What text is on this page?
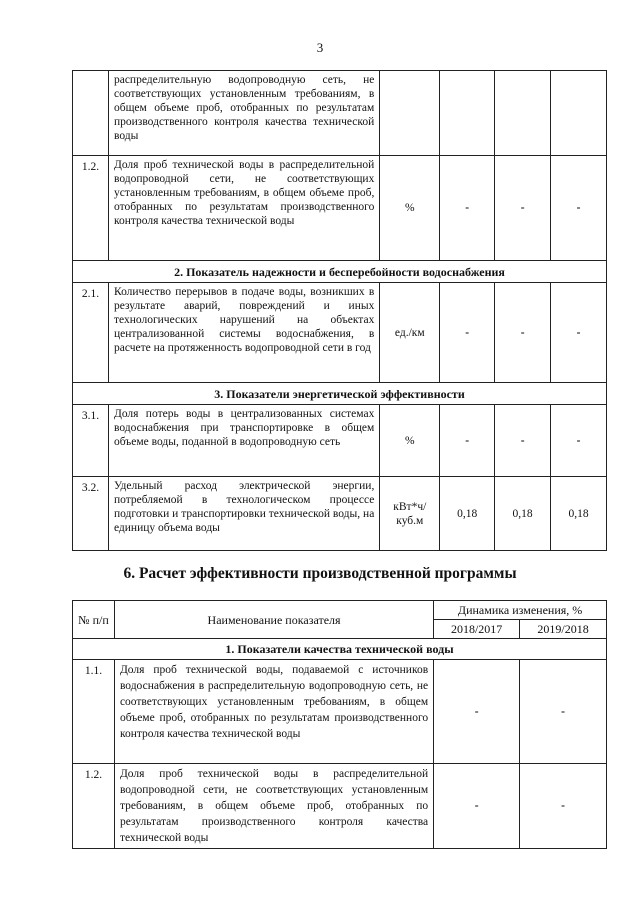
3
	распределительную водопроводную сеть, не соответствующих установленным требованиям, в общем объеме проб, отобранных по результатам производственного контроля качества технической воды				
1.2.	Доля проб технической воды в распределительной водопроводной сети, не соответствующих установленным требованиям, в общем объеме проб, отобранных по результатам производственного контроля качества технической воды	%	-	-	-
2. Показатель надежности и бесперебойности водоснабжения					
2.1.	Количество перерывов в подаче воды, возникших в результате аварий, повреждений и иных технологических нарушений на объектах централизованной системы водоснабжения, в расчете на протяженность водопроводной сети в год	ед./км	-	-	-
3. Показатели энергетической эффективности					
3.1.	Доля потерь воды в централизованных системах водоснабжения при транспортировке в общем объеме воды, поданной в водопроводную сеть	%	-	-	-
3.2.	Удельный расход электрической энергии, потребляемой в технологическом процессе подготовки и транспортировки технической воды, на единицу объема воды	кВт*ч/ куб.м	0,18	0,18	0,18
6. Расчет эффективности производственной программы
№ п/п	Наименование показателя	Динамика изменения, %	
		2018/2017	2019/2018
1. Показатели качества технической воды			
1.1.	Доля проб технической воды, подаваемой с источников водоснабжения в распределительную водопроводную сеть, не соответствующих установленным требованиям, в общем объеме проб, отобранных по результатам производственного контроля качества технической воды	-	-
1.2.	Доля проб технической воды в распределительной водопроводной сети, не соответствующих установленным требованиям, в общем объеме проб, отобранных по результатам производственного контроля качества технической воды	-	-
